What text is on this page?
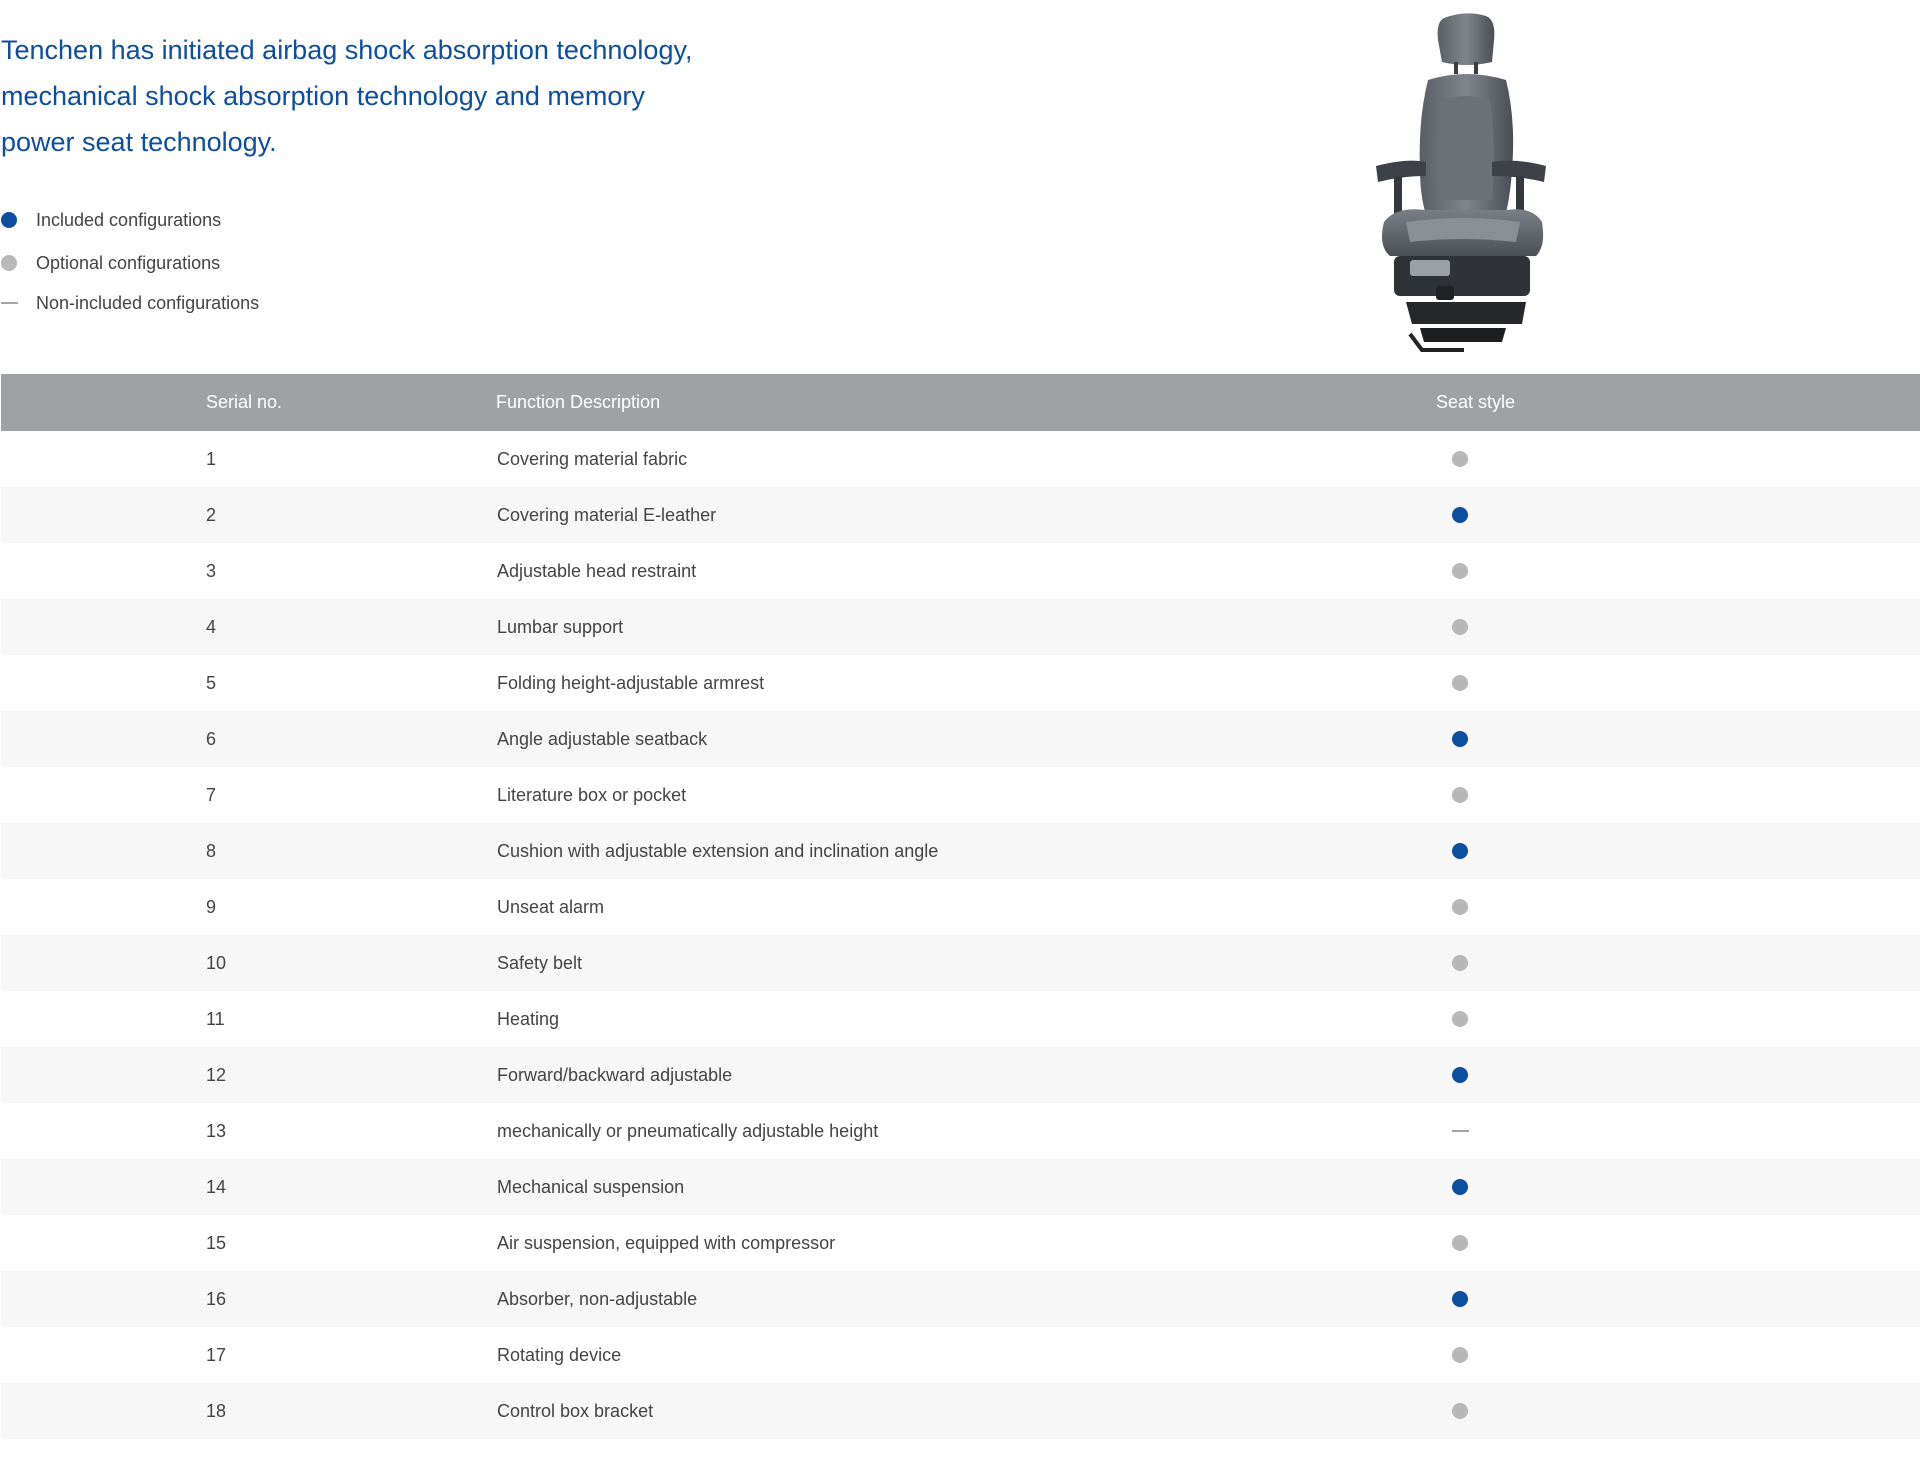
Tenchen has initiated airbag shock absorption technology, mechanical shock absorption technology and memory power seat technology.
Included configurations
Optional configurations
Non-included configurations
Serial no.	Function Description	Seat style
1	Covering material fabric
2	Covering material E-leather
3	Adjustable head restraint
4	Lumbar support
5	Folding height-adjustable armrest
6	Angle adjustable seatback
7	Literature box or pocket
8	Cushion with adjustable extension and inclination angle
9	Unseat alarm
10	Safety belt
11	Heating
12	Forward/backward adjustable
13	mechanically or pneumatically adjustable height
14	Mechanical suspension
15	Air suspension, equipped with compressor
16	Absorber, non-adjustable
17	Rotating device
18	Control box bracket
